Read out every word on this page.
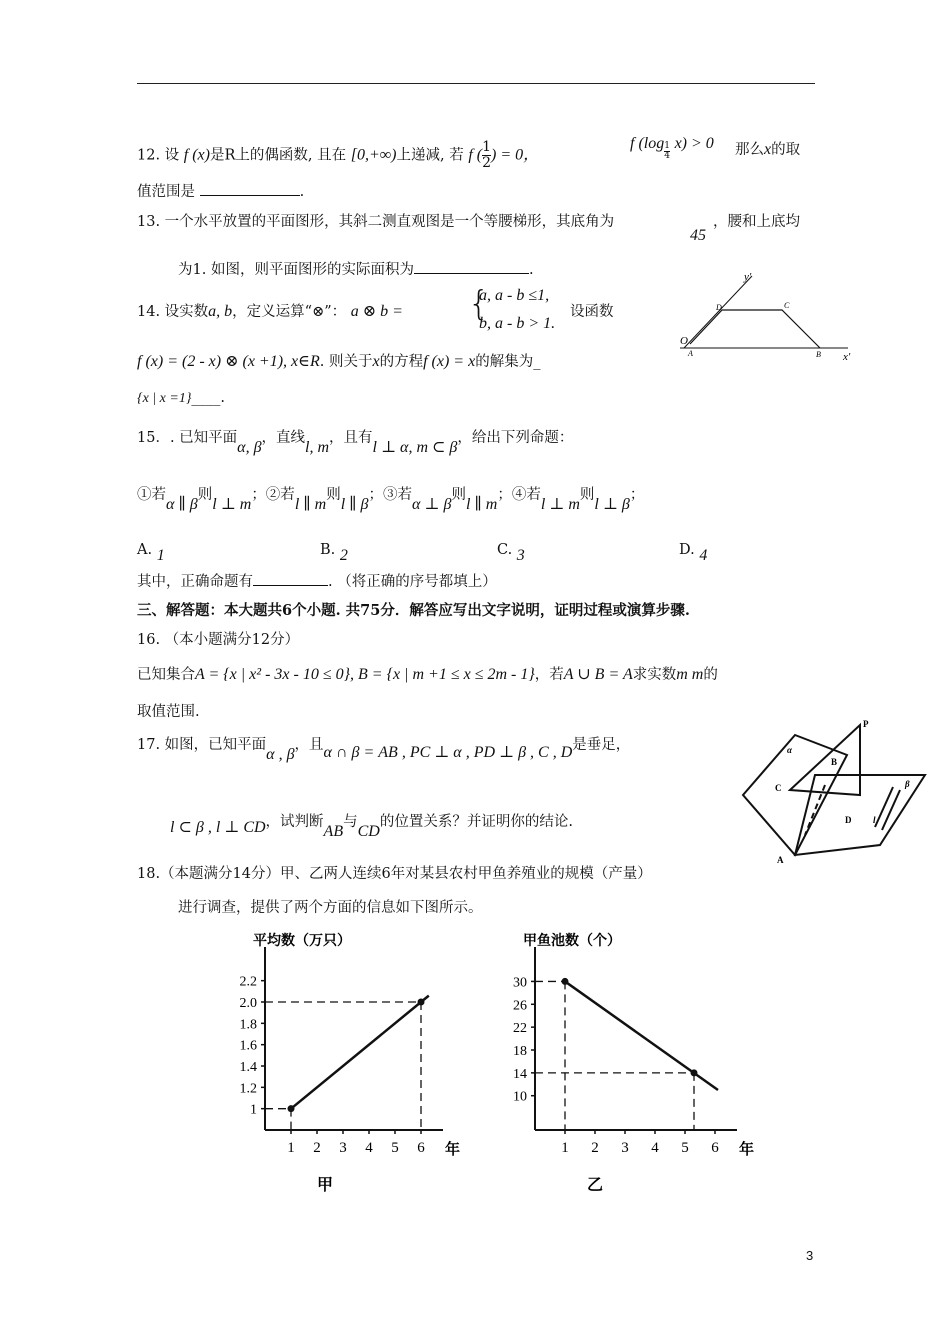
12. 设 f (x)是R上的偶函数, 且在 [0,+∞)上递减, 若 f ( $\frac{1}{2}$ ) = 0，
f $(\log \frac{1}{4} x) > 0$ 那么x的取
值范围是	.
13. 一个水平放置的平面图形，其斜二测直观图是一个等腰梯形，其底角为
45
，腰和上底均
为1. 如图，则平面图形的实际面积为	.	y′
x′
O
A	B
C
D
14. 设实数a, b，定义运算“⊗”： a ⊗ b = {
a, a - b ≤1,
b, a - b > 1.
设函数
f (x) = (2 - x) ⊗ (x +1), x∈R. 则关于x的方程f (x) = x的解集为_
{x | x =1}____.
15．. 已知平面α, β，直线l, m，且有l ⊥ α, m ⊂ β，给出下列命题：
①若α ∥ β则l ⊥ m；②若l ∥ m则l ∥ β；③若α ⊥ β则l ∥ m；④若l ⊥ m则l ⊥ β；
A. 1	B. 2	C. 3	D. 4
其中，正确命题有	. （将正确的序号都填上）
三、解答题：本大题共6个小题. 共75分．解答应写出文字说明，证明过程或演算步骤.
16. （本小题满分12分）
已知集合A = {x | x² - 3x - 10 ≤ 0}, B = {x | m +1 ≤ x ≤ 2m - 1}，若A ∪ B = A求实数m m的
取值范围.
17. 如图，已知平面α , β，且α ∩ β = AB , PC ⊥ α , PD ⊥ β , C , D是垂足，
l ⊂ β , l ⊥ CD，试判断AB与CD的位置关系？并证明你的结论.
P
α
β
B
C
D
A
l
18.（本题满分14分）甲、乙两人连续6年对某县农村甲鱼养殖业的规模（产量）
进行调查，提供了两个方面的信息如下图所示。
平均数（万只）
1
1.2
1.4
1.6
1.8
2.0
2.2
1 2 3 4 5 6 年
甲
甲鱼池数（个）
10
14
18
22
26
30
1 2 3 4 5 6 年
乙
3
